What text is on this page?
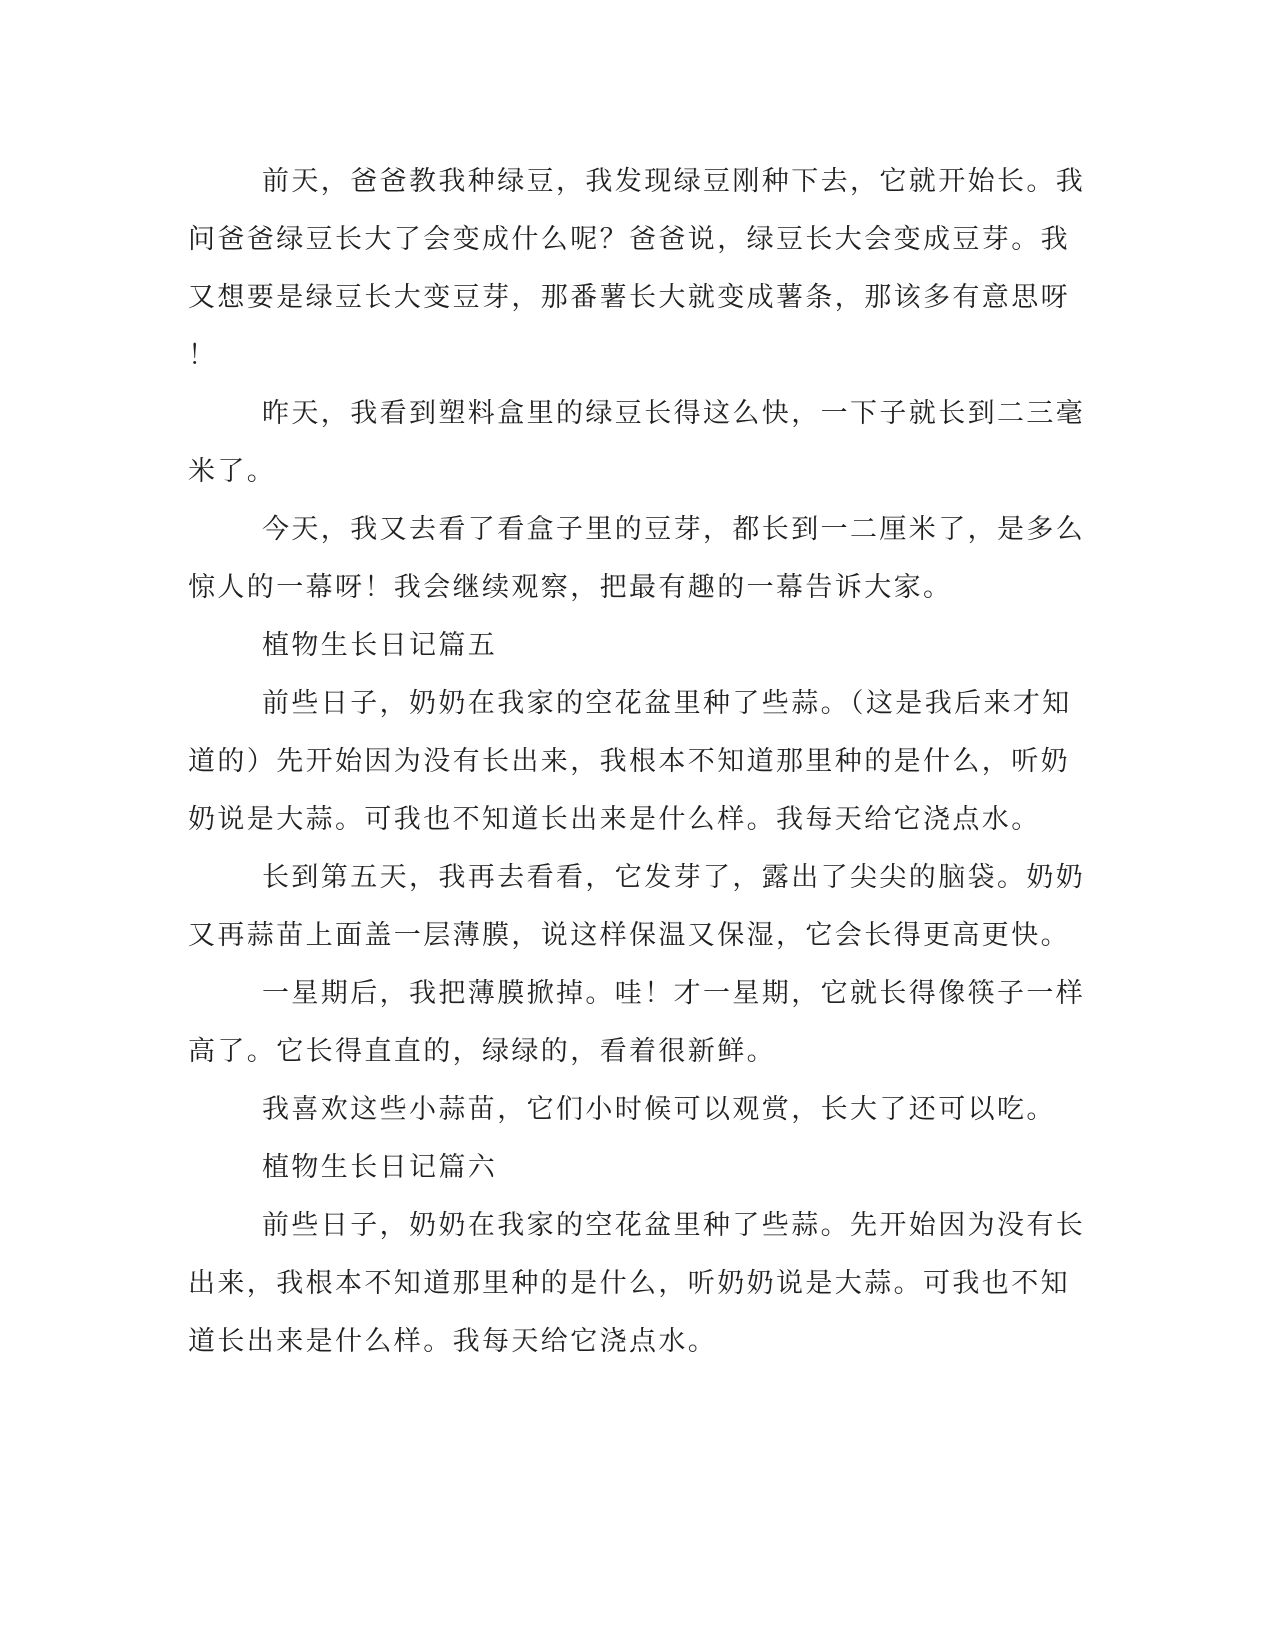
前天，爸爸教我种绿豆，我发现绿豆刚种下去，它就开始长。我
问爸爸绿豆长大了会变成什么呢？爸爸说，绿豆长大会变成豆芽。我
又想要是绿豆长大变豆芽，那番薯长大就变成薯条，那该多有意思呀
！
昨天，我看到塑料盒里的绿豆长得这么快，一下子就长到二三毫
米了。
今天，我又去看了看盒子里的豆芽，都长到一二厘米了，是多么
惊人的一幕呀！我会继续观察，把最有趣的一幕告诉大家。
植物生长日记篇五
前些日子，奶奶在我家的空花盆里种了些蒜。（这是我后来才知
道的）先开始因为没有长出来，我根本不知道那里种的是什么，听奶
奶说是大蒜。可我也不知道长出来是什么样。我每天给它浇点水。
长到第五天，我再去看看，它发芽了，露出了尖尖的脑袋。奶奶
又再蒜苗上面盖一层薄膜，说这样保温又保湿，它会长得更高更快。
一星期后，我把薄膜掀掉。哇！才一星期，它就长得像筷子一样
高了。它长得直直的，绿绿的，看着很新鲜。
我喜欢这些小蒜苗，它们小时候可以观赏，长大了还可以吃。
植物生长日记篇六
前些日子，奶奶在我家的空花盆里种了些蒜。先开始因为没有长
出来，我根本不知道那里种的是什么，听奶奶说是大蒜。可我也不知
道长出来是什么样。我每天给它浇点水。
